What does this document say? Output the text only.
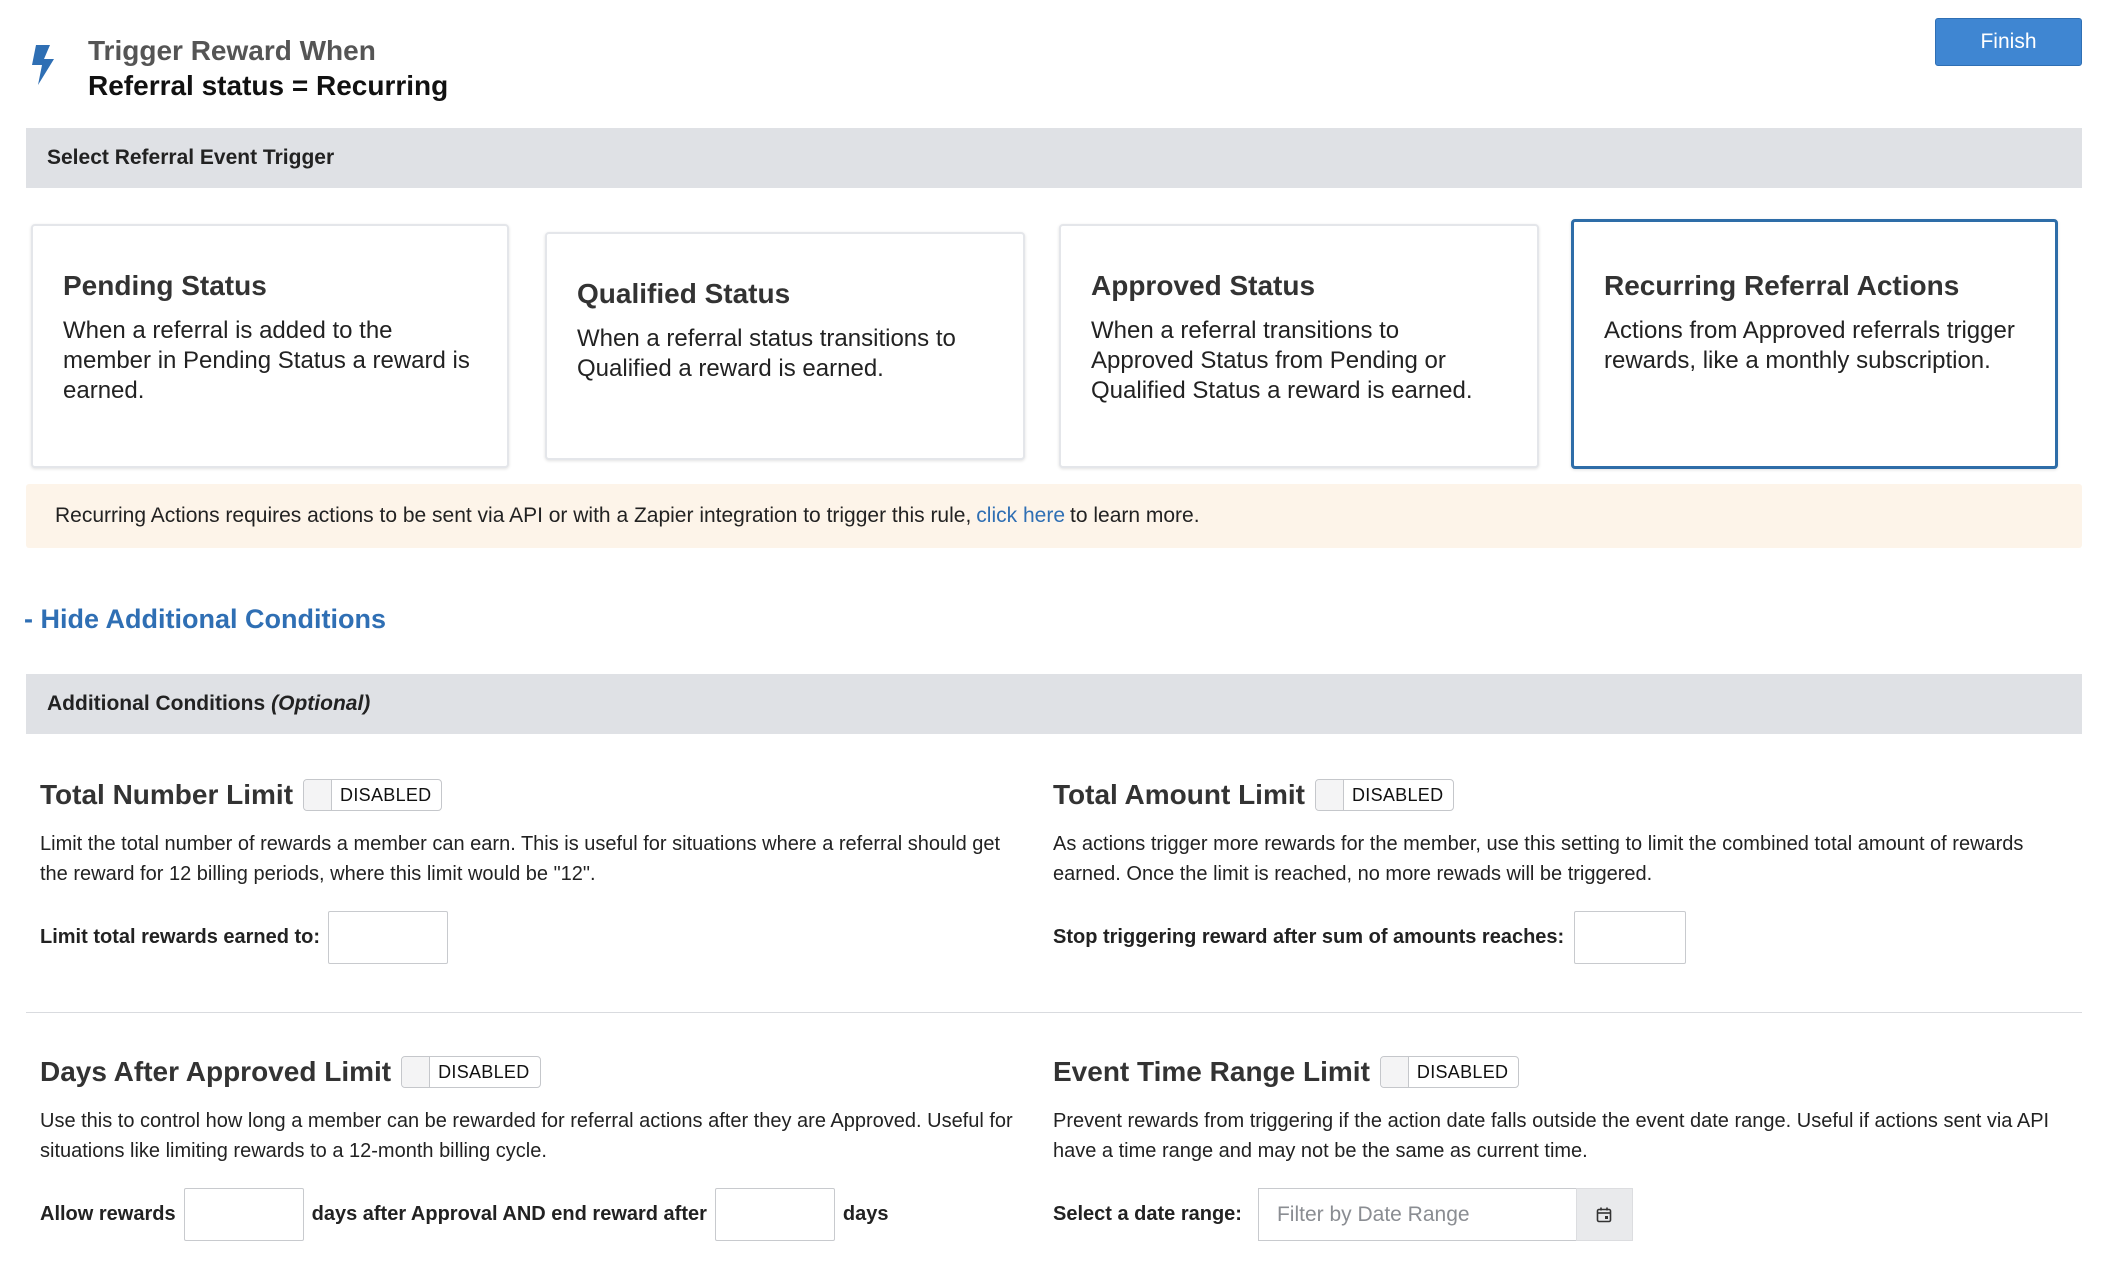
Trigger Reward When
Referral status = Recurring
Finish
Select Referral Event Trigger
Pending Status
When a referral is added to the member in Pending Status a reward is earned.
Qualified Status
When a referral status transitions to Qualified a reward is earned.
Approved Status
When a referral transitions to Approved Status from Pending or Qualified Status a reward is earned.
Recurring Referral Actions
Actions from Approved referrals trigger rewards, like a monthly subscription.
Recurring Actions requires actions to be sent via API or with a Zapier integration to trigger this rule, click here to learn more.
- Hide Additional Conditions
Additional Conditions (Optional)
Total Number Limit	DISABLED
Limit the total number of rewards a member can earn. This is useful for situations where a referral should get the reward for 12 billing periods, where this limit would be "12".
Limit total rewards earned to:
Total Amount Limit	DISABLED
As actions trigger more rewards for the member, use this setting to limit the combined total amount of rewards earned. Once the limit is reached, no more rewads will be triggered.
Stop triggering reward after sum of amounts reaches:
Days After Approved Limit	DISABLED
Use this to control how long a member can be rewarded for referral actions after they are Approved. Useful for situations like limiting rewards to a 12-month billing cycle.
Allow rewards	days after Approval AND end reward after	days
Event Time Range Limit	DISABLED
Prevent rewards from triggering if the action date falls outside the event date range. Useful if actions sent via API have a time range and may not be the same as current time.
Select a date range:
Filter by Date Range
